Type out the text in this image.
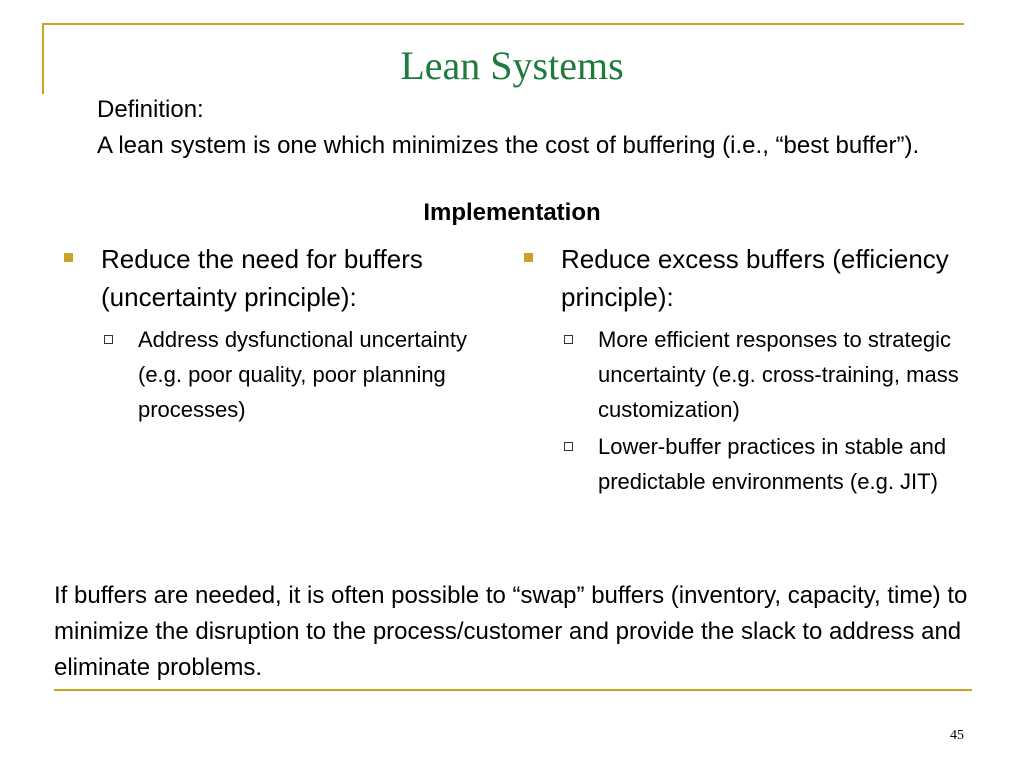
Lean Systems
Definition:
A lean system is one which minimizes the cost of buffering (i.e., “best buffer”).
Implementation
Reduce the need for buffers (uncertainty principle):
Address dysfunctional uncertainty (e.g. poor quality, poor planning processes)
Reduce excess buffers (efficiency principle):
More efficient responses to strategic uncertainty (e.g. cross-training, mass customization)
Lower-buffer practices in stable and predictable environments (e.g. JIT)
If buffers are needed, it is often possible to “swap” buffers (inventory, capacity, time) to minimize the disruption to the process/customer and provide the slack to address and eliminate problems.
45
